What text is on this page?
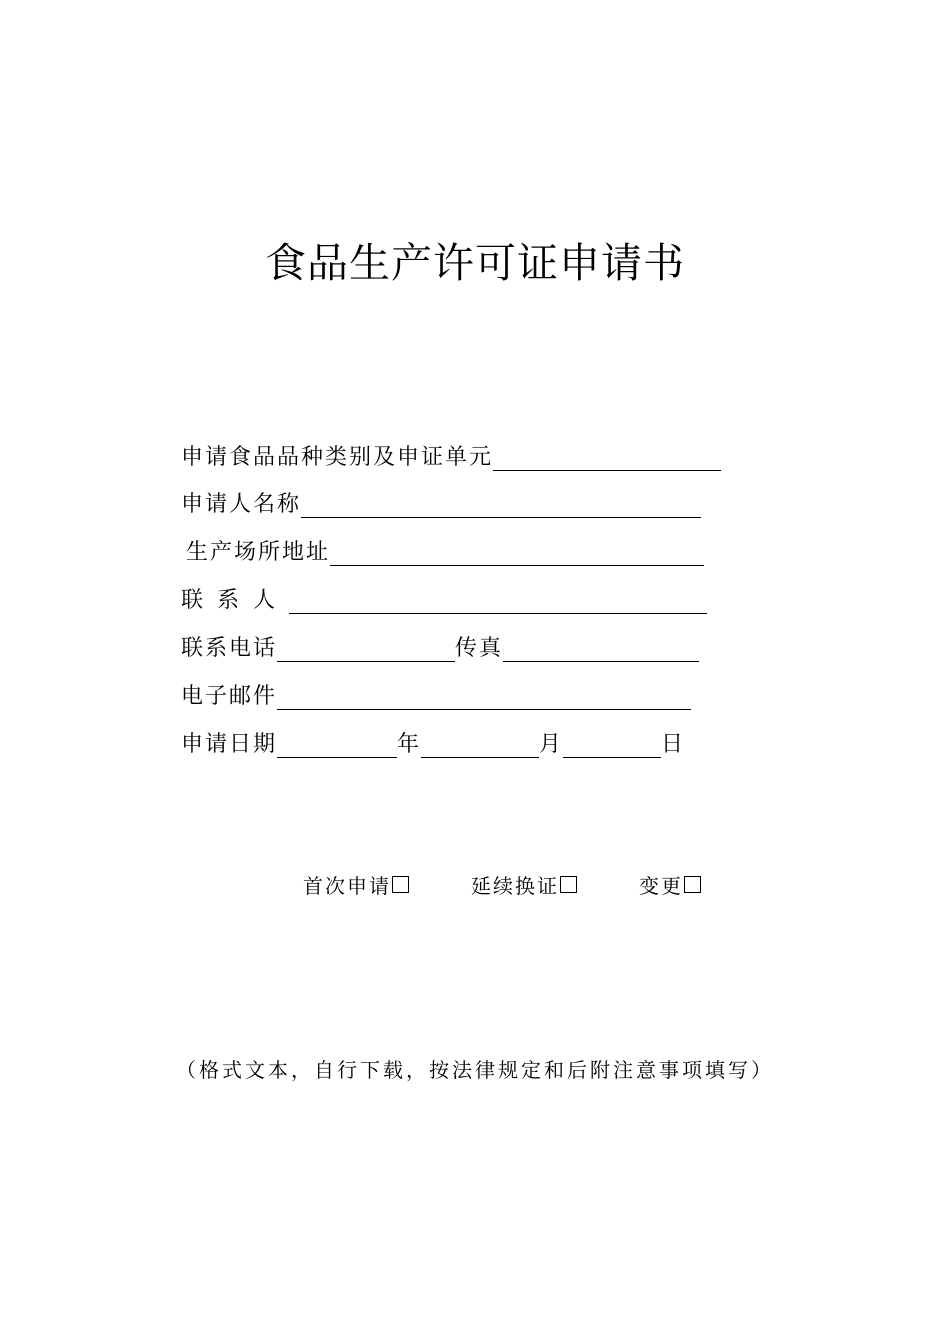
食品生产许可证申请书
申请食品品种类别及申证单元
申请人名称
生产场所地址
联系人
联系电话	传真
电子邮件
申请日期	年	月	日
首次申请	延续换证	变更
（格式文本，自行下载，按法律规定和后附注意事项填写）
